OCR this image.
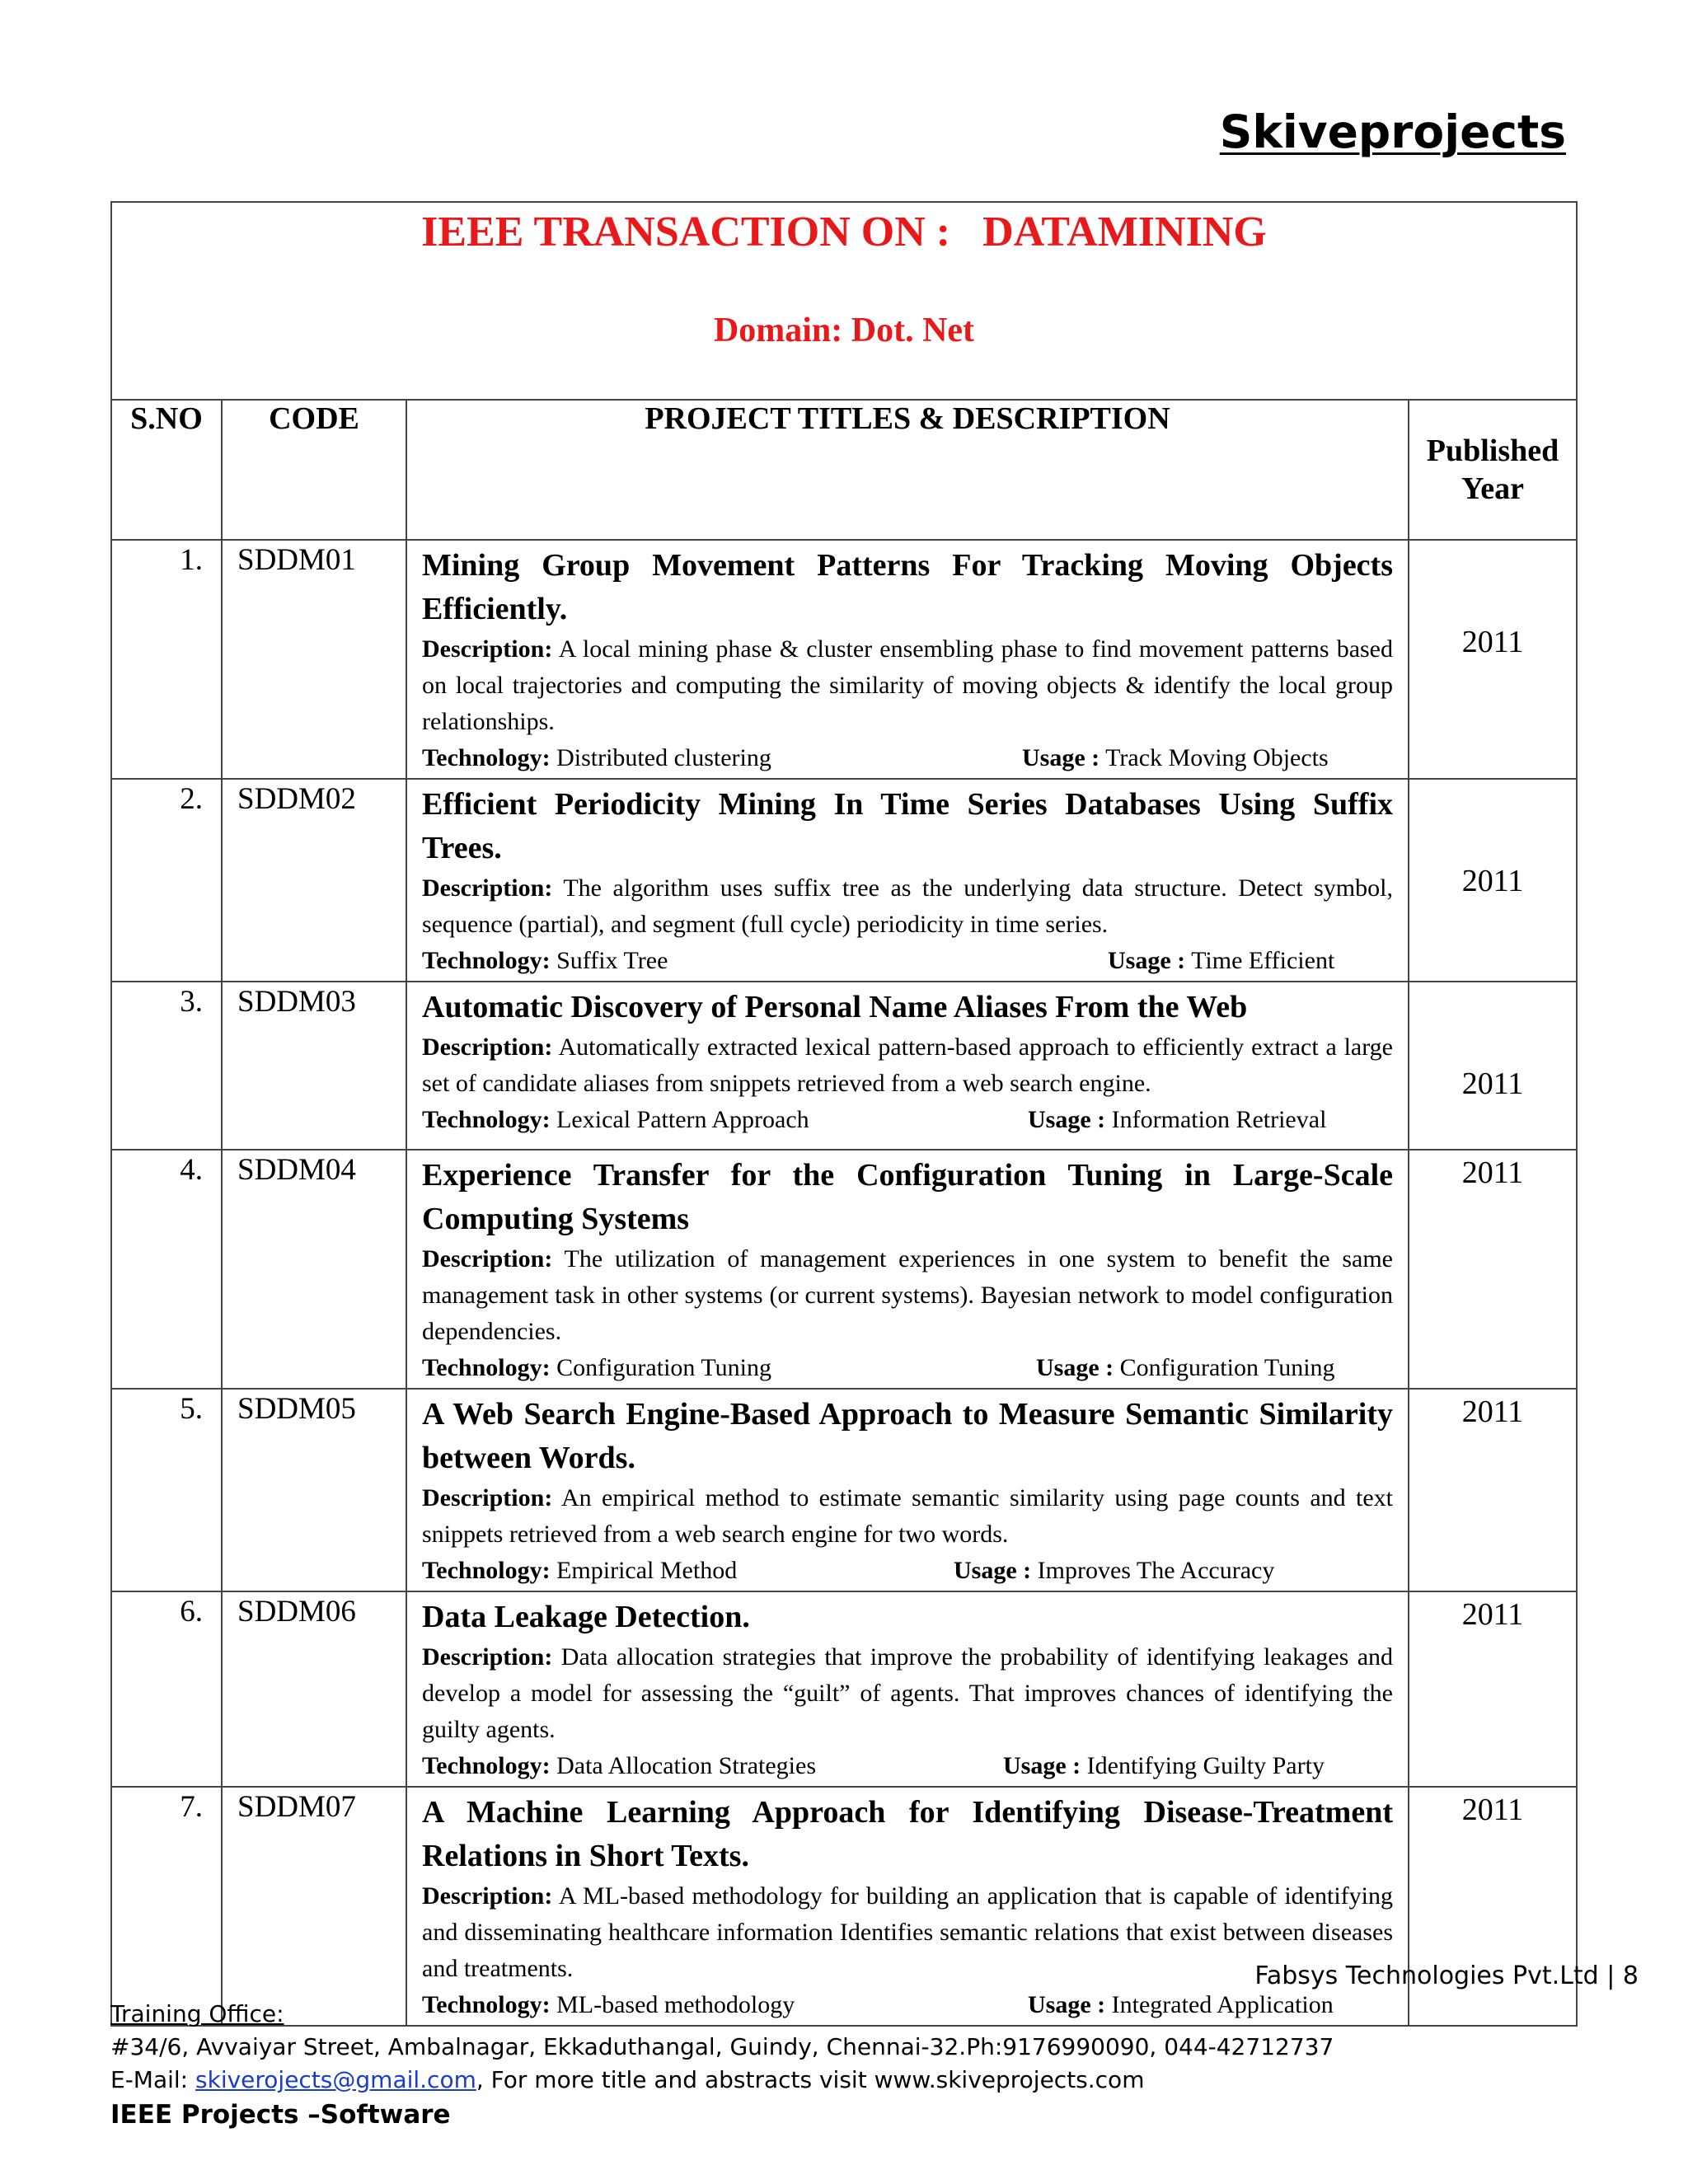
Skiveprojects
IEEE TRANSACTION ON :   DATAMINING
Domain: Dot. Net			

S.NO	CODE	PROJECT TITLES & DESCRIPTION	Published Year
1.	SDDM01	Mining Group Movement Patterns For Tracking Moving Objects Efficiently.
Description: A local mining phase & cluster ensembling phase to find movement patterns based on local trajectories and computing the similarity of moving objects & identify the local group relationships.
Technology: Distributed clustering Usage : Track Moving Objects	2011

2.	SDDM02	Efficient Periodicity Mining In Time Series Databases Using Suffix Trees.
Description: The algorithm uses suffix tree as the underlying data structure. Detect symbol, sequence (partial), and segment (full cycle) periodicity in time series.
Technology: Suffix Tree Usage : Time Efficient	2011

3.	SDDM03	Automatic Discovery of Personal Name Aliases From the Web
Description: Automatically extracted lexical pattern-based approach to efficiently extract a large set of candidate aliases from snippets retrieved from a web search engine.
Technology: Lexical Pattern Approach Usage : Information Retrieval	2011

4.	SDDM04	Experience Transfer for the Configuration Tuning in Large-Scale Computing Systems
Description: The utilization of management experiences in one system to benefit the same management task in other systems (or current systems). Bayesian network to model configuration dependencies.
Technology: Configuration Tuning Usage : Configuration Tuning	2011

5.	SDDM05	A Web Search Engine-Based Approach to Measure Semantic Similarity between Words.
Description: An empirical method to estimate semantic similarity using page counts and text snippets retrieved from a web search engine for two words.
Technology: Empirical Method Usage : Improves The Accuracy	2011

6.	SDDM06	Data Leakage Detection.
Description: Data allocation strategies that improve the probability of identifying leakages and develop a model for assessing the “guilt” of agents. That improves chances of identifying the guilty agents.
Technology: Data Allocation Strategies Usage : Identifying Guilty Party	2011

7.	SDDM07	A Machine Learning Approach for Identifying Disease-Treatment Relations in Short Texts.
Description: A ML-based methodology for building an application that is capable of identifying and disseminating healthcare information Identifies semantic relations that exist between diseases and treatments.
Technology: ML-based methodology Usage : Integrated Application	2011
Fabsys Technologies Pvt.Ltd | 8
Training Office:
#34/6, Avvaiyar Street, Ambalnagar, Ekkaduthangal, Guindy, Chennai-32.Ph:9176990090, 044-42712737
E-Mail: skiverojects@gmail.com, For more title and abstracts visit www.skiveprojects.com
IEEE Projects –Software
